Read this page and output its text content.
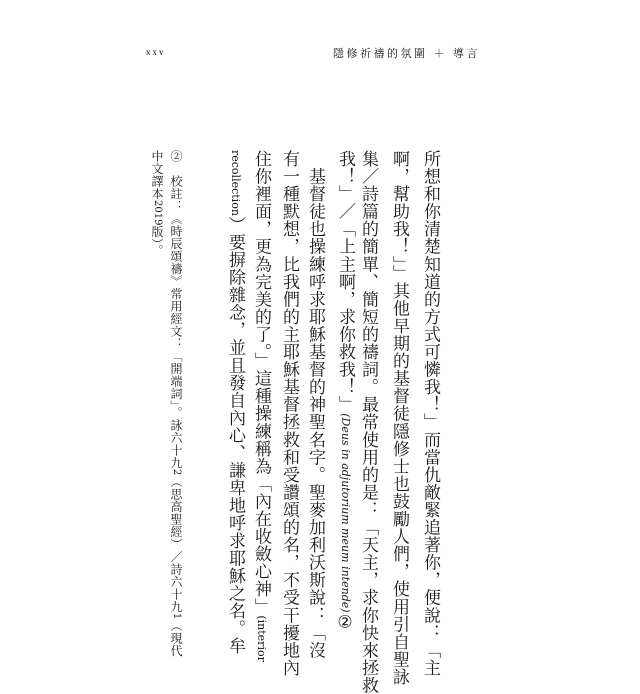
xxv	隱修祈禱的氛圍 ＋ 導言
所想和你清楚知道的方式可憐我！」而當仇敵緊追著你，便說：「主
啊，幫助我！」」其他早期的基督徒隱修士也鼓勵人們，使用引自聖詠
集／詩篇的簡單、簡短的禱詞。最常使用的是：「天主，求你快來拯救
我！」／「上主啊，求你救我！」(Deus in adjutorium meum intende)②
　基督徒也操練呼求耶穌基督的神聖名字。聖麥加利沃斯說：「沒
有一種默想，比我們的主耶穌基督拯救和受讚頌的名，不受干擾地內
住你裡面，更為完美的了。」這種操練稱為「內在收斂心神」(interior
recollection）要摒除雜念，並且發自內心、謙卑地呼求耶穌之名。牟
②　校註：《時辰頌禱》常用經文：「開端詞」。詠六十九2（思高聖經）／詩六十九1（現代
中文譯本2019版）。
